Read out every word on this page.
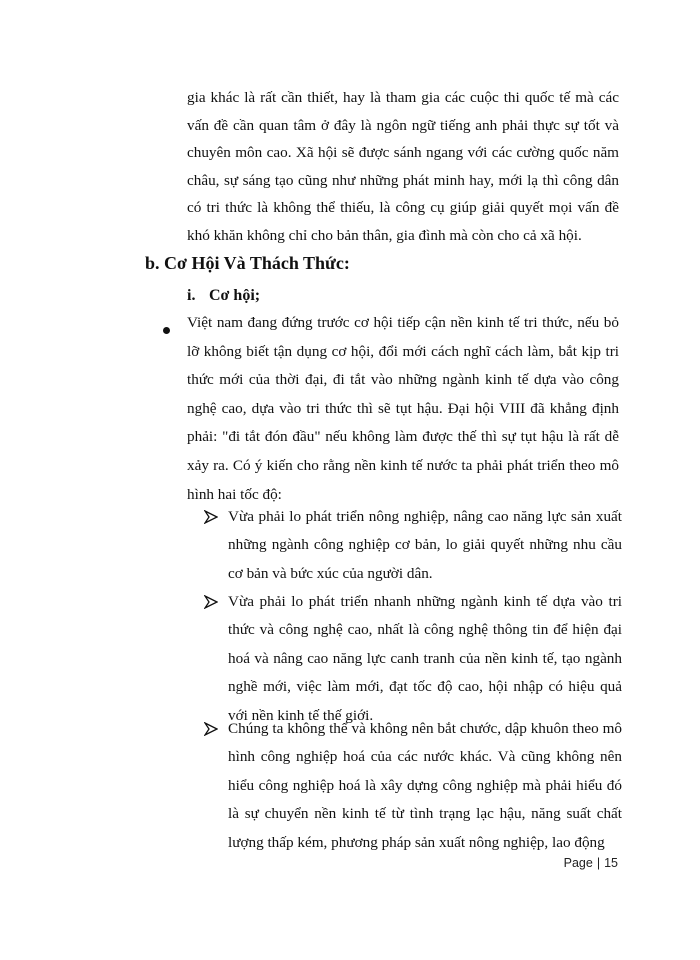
gia khác là rất cần thiết, hay là tham gia các cuộc thi quốc tế mà các vấn đề cần quan tâm ở đây là ngôn ngữ tiếng anh phải thực sự tốt và chuyên môn cao. Xã hội sẽ được sánh ngang với các cường quốc năm châu, sự sáng tạo cũng như những phát minh hay, mới lạ thì công dân có tri thức là không thể thiếu, là công cụ giúp giải quyết mọi vấn đề khó khăn không chỉ cho bản thân, gia đình mà còn cho cả xã hội.
b. Cơ Hội Và Thách Thức:
i. Cơ hội;
Việt nam đang đứng trước cơ hội tiếp cận nền kinh tế tri thức, nếu bỏ lỡ không biết tận dụng cơ hội, đổi mới cách nghĩ cách làm, bắt kịp tri thức mới của thời đại, đi tắt vào những ngành kinh tế dựa vào công nghệ cao, dựa vào tri thức thì sẽ tụt hậu. Đại hội VIII đã khẳng định phải: "đi tắt đón đầu" nếu không làm được thế thì sự tụt hậu là rất dễ xảy ra. Có ý kiến cho rằng nền kinh tế nước ta phải phát triển theo mô hình hai tốc độ:
Vừa phải lo phát triển nông nghiệp, nâng cao năng lực sản xuất những ngành công nghiệp cơ bản, lo giải quyết những nhu cầu cơ bản và bức xúc của người dân.
Vừa phải lo phát triển nhanh những ngành kinh tế dựa vào tri thức và công nghệ cao, nhất là công nghệ thông tin để hiện đại hoá và nâng cao năng lực canh tranh của nền kinh tế, tạo ngành nghề mới, việc làm mới, đạt tốc độ cao, hội nhập có hiệu quả với nền kinh tế thế giới.
Chúng ta không thể và không nên bắt chước, dập khuôn theo mô hình công nghiệp hoá của các nước khác. Và cũng không nên hiểu công nghiệp hoá là xây dựng công nghiệp mà phải hiểu đó là sự chuyển nền kinh tế từ tình trạng lạc hậu, năng suất chất lượng thấp kém, phương pháp sản xuất nông nghiệp, lao động
Page | 15
